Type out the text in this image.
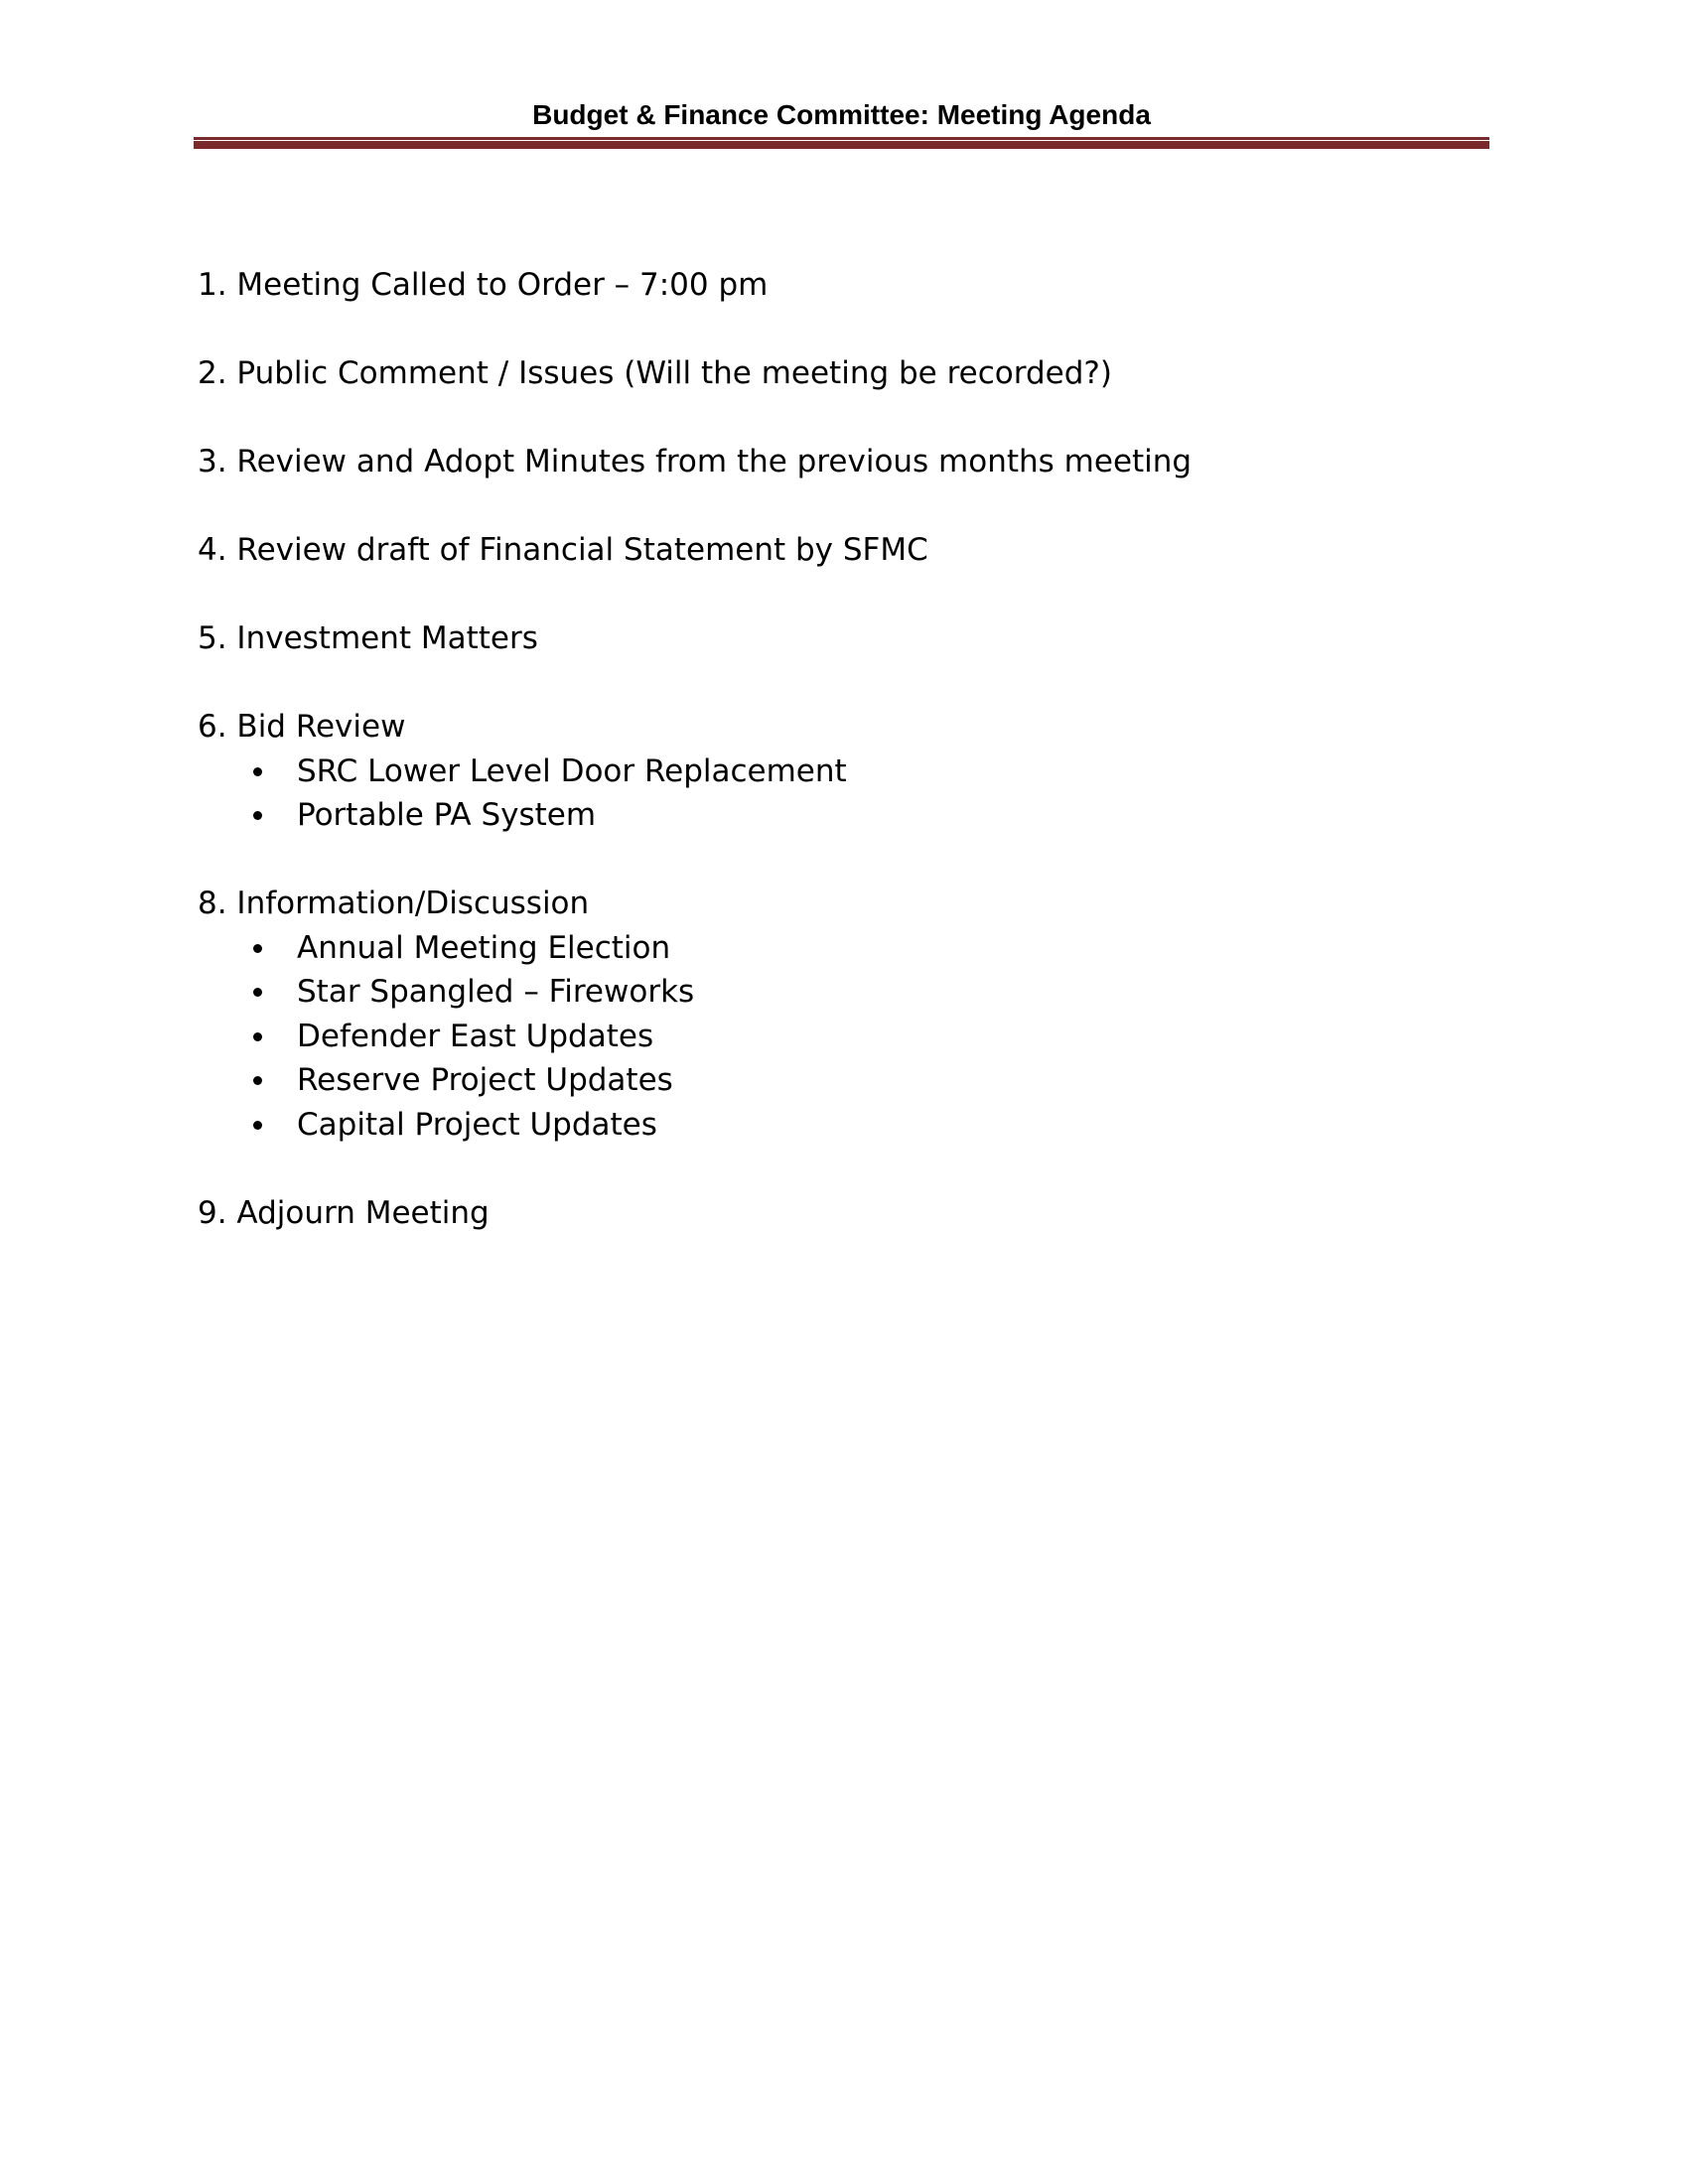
Budget & Finance Committee: Meeting Agenda
1. Meeting Called to Order – 7:00 pm
2. Public Comment / Issues (Will the meeting be recorded?)
3. Review and Adopt Minutes from the previous months meeting
4. Review draft of Financial Statement by SFMC
5. Investment Matters
6. Bid Review
SRC Lower Level Door Replacement
Portable PA System
8. Information/Discussion
Annual Meeting Election
Star Spangled – Fireworks
Defender East Updates
Reserve Project Updates
Capital Project Updates
9. Adjourn Meeting
